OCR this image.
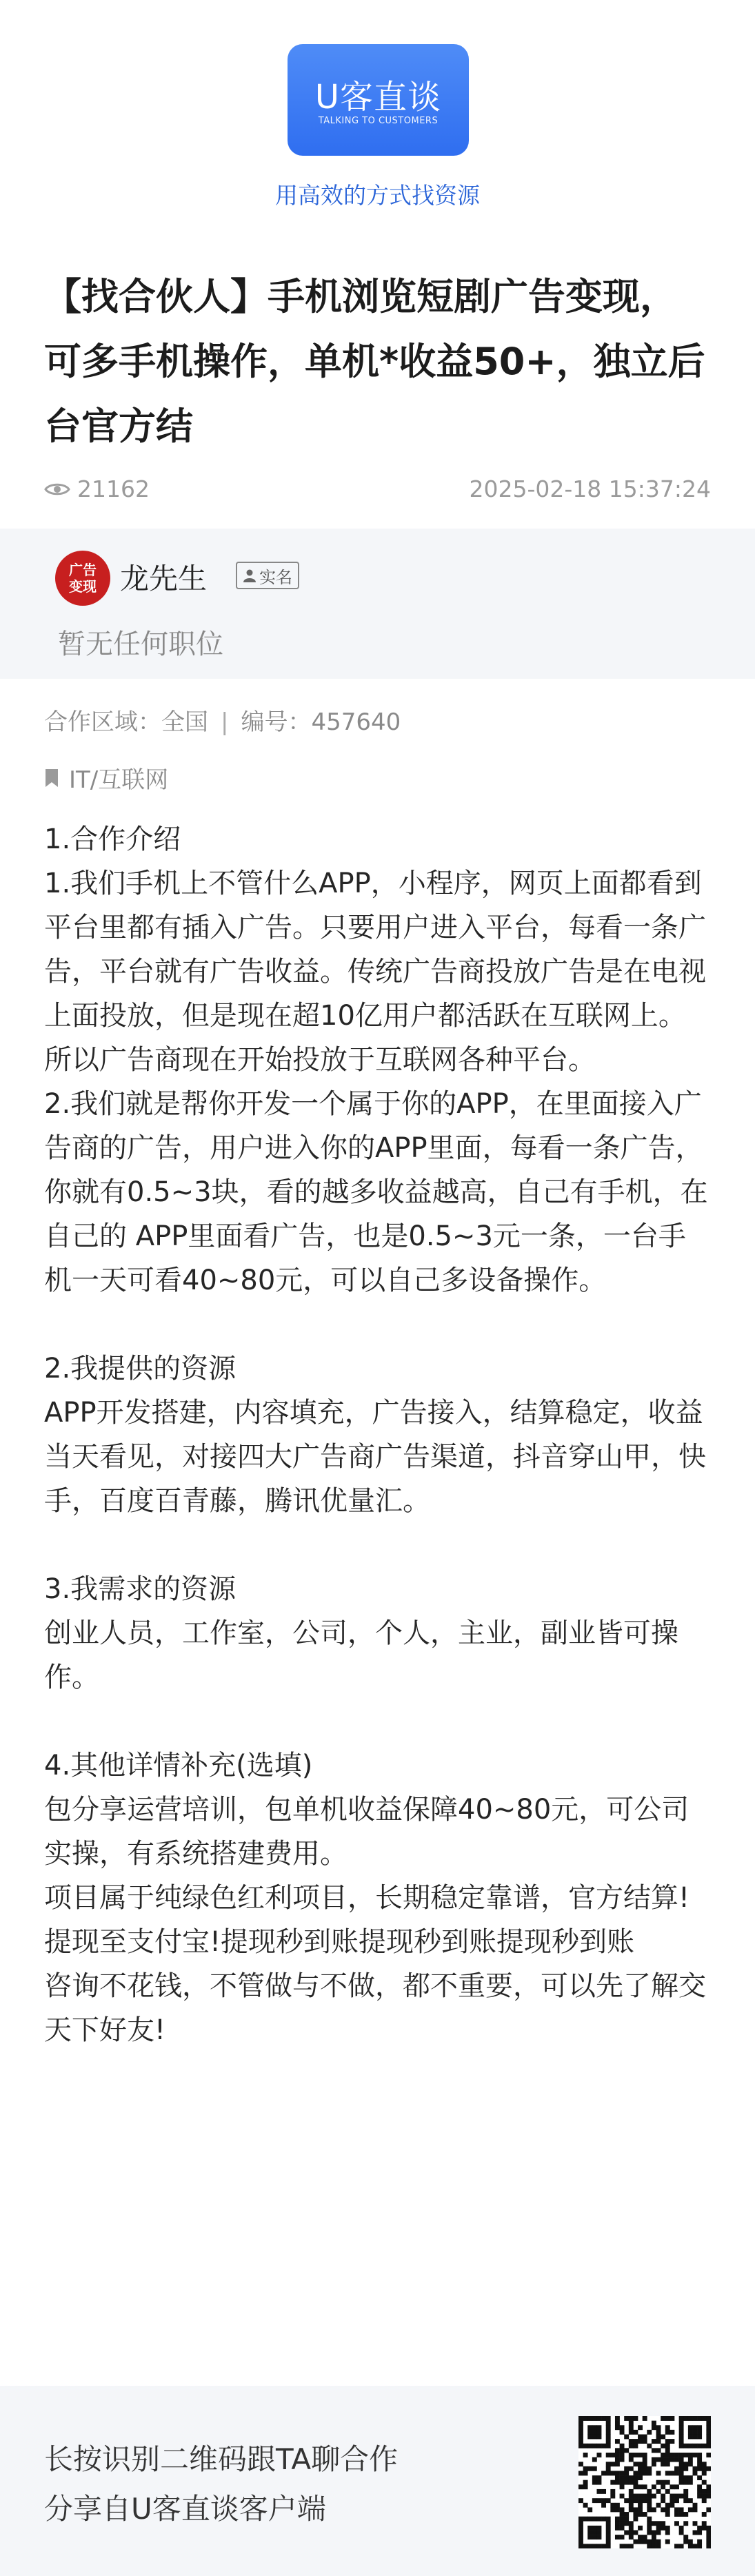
U客直谈
TALKING TO CUSTOMERS
用高效的方式找资源
【找合伙人】手机浏览短剧广告变现，可多手机操作，单机*收益50+，独立后台官方结
21162	2025-02-18 15:37:24
广告
变现 龙先生	实名
暂无任何职位
合作区域：全国 | 编号：457640
IT/互联网

1.合作介绍

1.我们手机上不管什么APP，小程序，网页上面都看到平台里都有插入广告。只要用户进入平台，每看一条广告，平台就有广告收益。传统广告商投放广告是在电视上面投放，但是现在超10亿用户都活跃在互联网上。所以广告商现在开始投放于互联网各种平台。

2.我们就是帮你开发一个属于你的APP，在里面接入广告商的广告，用户进入你的APP里面，每看一条广告，你就有0.5~3块，看的越多收益越高，自己有手机，在自己的 APP里面看广告，也是0.5~3元一条，一台手机一天可看40~80元，可以自己多设备操作。

2.我提供的资源

APP开发搭建，内容填充，广告接入，结算稳定，收益当天看见，对接四大广告商广告渠道，抖音穿山甲，快手，百度百青藤，腾讯优量汇。

3.我需求的资源

创业人员，工作室，公司，个人，主业，副业皆可操作。

4.其他详情补充(选填)

包分享运营培训，包单机收益保障40~80元，可公司实操，有系统搭建费用。

项目属于纯绿色红利项目，长期稳定靠谱，官方结算!提现至支付宝!提现秒到账提现秒到账提现秒到账

咨询不花钱，不管做与不做，都不重要，可以先了解交天下好友!

长按识别二维码跟TA聊合作
分享自U客直谈客户端
